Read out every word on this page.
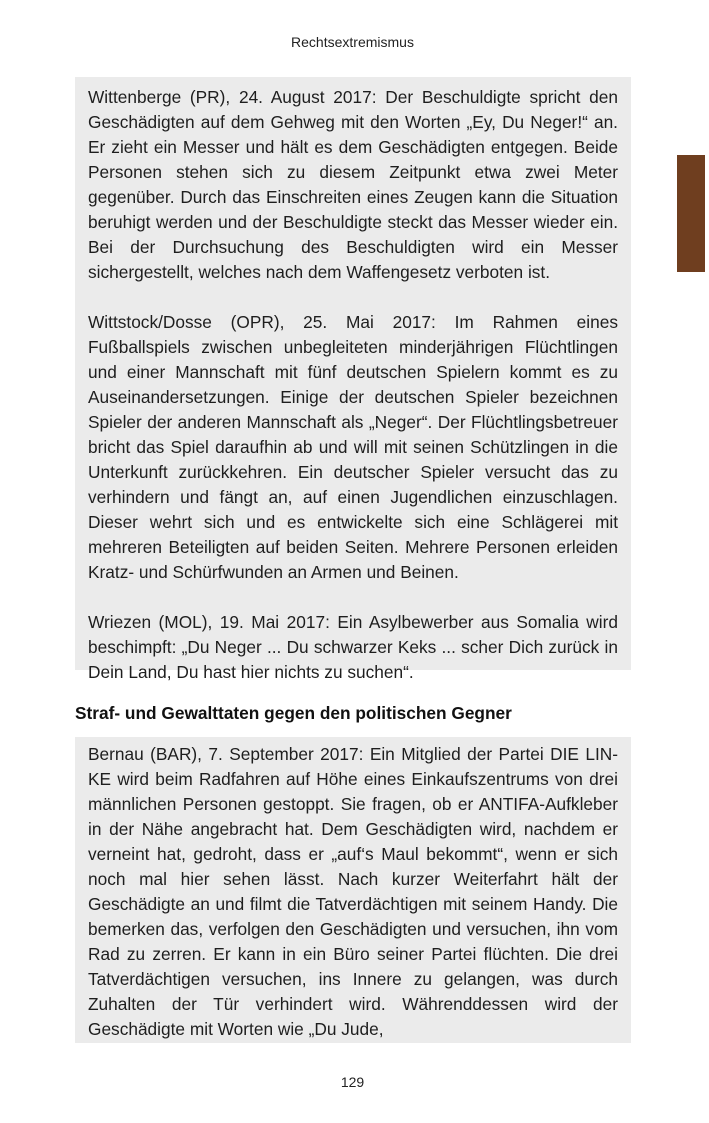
Rechtsextremismus

Wittenberge (PR), 24. August 2017: Der Beschuldigte spricht den Geschädigten auf dem Gehweg mit den Worten „Ey, Du Neger!“ an. Er zieht ein Messer und hält es dem Geschädigten entgegen. Beide Personen stehen sich zu diesem Zeitpunkt etwa zwei Meter gegenüber. Durch das Einschreiten eines Zeugen kann die Situation beruhigt werden und der Beschuldigte steckt das Messer wieder ein. Bei der Durchsuchung des Beschuldigten wird ein Messer sichergestellt, welches nach dem Waffengesetz verboten ist.

Wittstock/Dosse (OPR), 25. Mai 2017: Im Rahmen eines Fußballspiels zwischen unbegleiteten minderjährigen Flüchtlingen und einer Mannschaft mit fünf deutschen Spielern kommt es zu Auseinandersetzungen. Einige der deutschen Spieler bezeichnen Spieler der anderen Mannschaft als „Neger“. Der Flüchtlingsbetreuer bricht das Spiel daraufhin ab und will mit seinen Schützlingen in die Unterkunft zurückkehren. Ein deutscher Spieler versucht das zu verhindern und fängt an, auf einen Jugendlichen einzuschlagen. Dieser wehrt sich und es entwickelte sich eine Schlägerei mit mehreren Beteiligten auf beiden Seiten. Mehrere Personen erleiden Kratz- und Schürfwunden an Armen und Beinen.

Wriezen (MOL), 19. Mai 2017: Ein Asylbewerber aus Somalia wird beschimpft: „Du Neger ... Du schwarzer Keks ... scher Dich zurück in Dein Land, Du hast hier nichts zu suchen“.

Straf- und Gewalttaten gegen den politischen Gegner

Bernau (BAR), 7. September 2017: Ein Mitglied der Partei DIE LINKE wird beim Radfahren auf Höhe eines Einkaufszentrums von drei männlichen Personen gestoppt. Sie fragen, ob er ANTIFA-Aufkleber in der Nähe angebracht hat. Dem Geschädigten wird, nachdem er verneint hat, gedroht, dass er „auf‘s Maul bekommt“, wenn er sich noch mal hier sehen lässt. Nach kurzer Weiterfahrt hält der Geschädigte an und filmt die Tatverdächtigen mit seinem Handy. Die bemerken das, verfolgen den Geschädigten und versuchen, ihn vom Rad zu zerren. Er kann in ein Büro seiner Partei flüchten. Die drei Tatverdächtigen versuchen, ins Innere zu gelangen, was durch Zuhalten der Tür verhindert wird. Währenddessen wird der Geschädigte mit Worten wie „Du Jude,

129
